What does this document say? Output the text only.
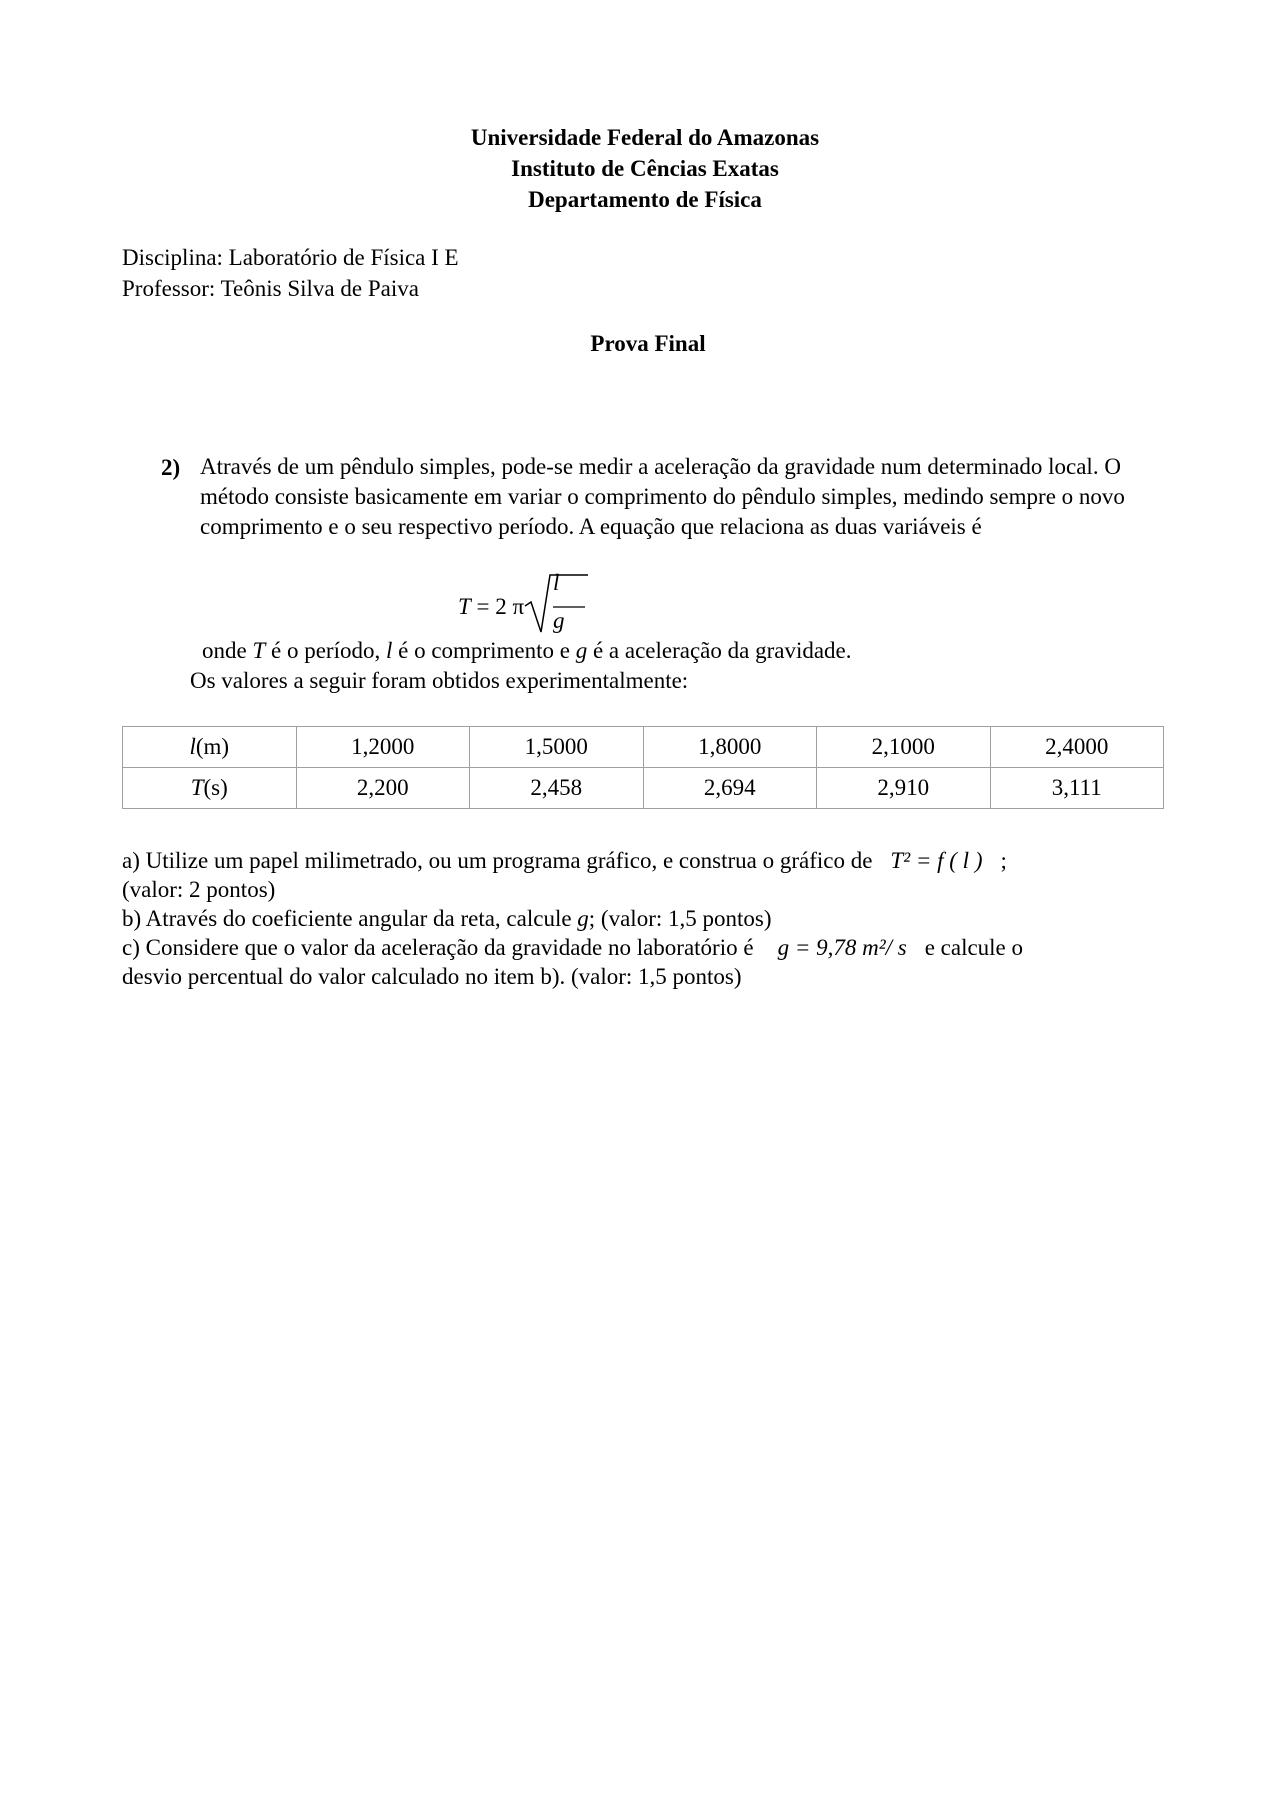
Universidade Federal do Amazonas
Instituto de Cências Exatas
Departamento de Física
Disciplina: Laboratório de Física I E
Professor: Teônis Silva de Paiva
Prova Final
2) Através de um pêndulo simples, pode-se medir a aceleração da gravidade num determinado local. O método consiste basicamente em variar o comprimento do pêndulo simples, medindo sempre o novo comprimento e o seu respectivo período. A equação que relaciona as duas variáveis é
T = 2 π
l
g
onde T é o período, l é o comprimento e g é a aceleração da gravidade.
Os valores a seguir foram obtidos experimentalmente:
l(m)	1,2000	1,5000	1,8000	2,1000	2,4000
T(s)	2,200	2,458	2,694	2,910	3,111
a) Utilize um papel milimetrado, ou um programa gráfico, e construa o gráfico de T² = f ( l ) ;
(valor: 2 pontos)
b) Através do coeficiente angular da reta, calcule g; (valor: 1,5 pontos)
c) Considere que o valor da aceleração da gravidade no laboratório é g = 9,78 m²/ s e calcule o
desvio percentual do valor calculado no item b). (valor: 1,5 pontos)
